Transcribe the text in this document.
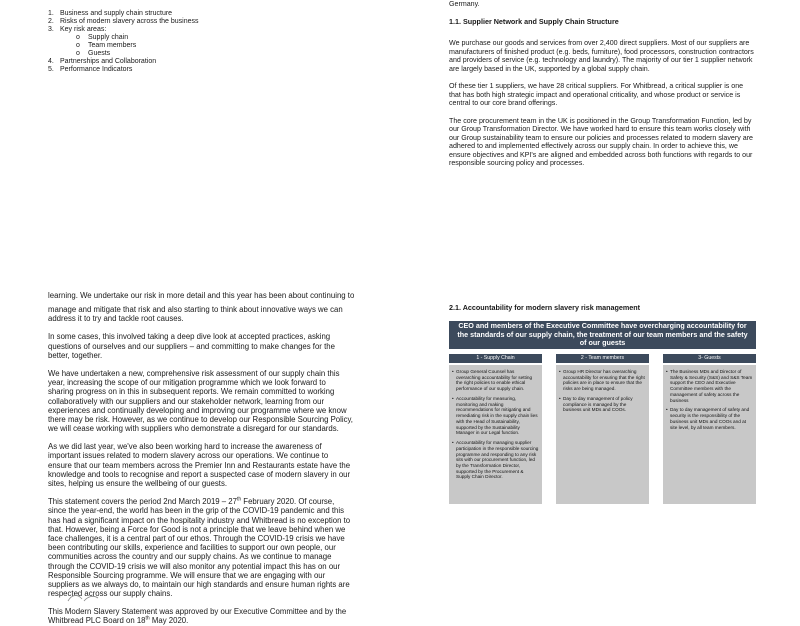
1. Business and supply chain structure
2. Risks of modern slavery across the business
3. Key risk areas:
o	Supply chain
o	Team members
o	Guests
4. Partnerships and Collaboration
5. Performance Indicators

Germany.

1.1. Supplier Network and Supply Chain Structure

We purchase our goods and services from over 2,400 direct suppliers. Most of our suppliers are manufacturers of finished product (e.g. beds, furniture), food processors, construction contractors and providers of service (e.g. technology and laundry). The majority of our tier 1 supplier network are largely based in the UK, supported by a global supply chain.

Of these tier 1 suppliers, we have 28 critical suppliers. For Whitbread, a critical supplier is one that has both high strategic impact and operational criticality, and whose product or service is central to our core brand offerings.

The core procurement team in the UK is positioned in the Group Transformation Function, led by our Group Transformation Director. We have worked hard to ensure this team works closely with our Group sustainability team to ensure our policies and processes related to modern slavery are adhered to and implemented effectively across our supply chain. In order to achieve this, we ensure objectives and KPI's are aligned and embedded across both functions with regards to our responsible sourcing policy and processes.

learning. We undertake our risk in more detail and this year has been about continuing to

manage and mitigate that risk and also starting to think about innovative ways we can address it to try and tackle root causes.

In some cases, this involved taking a deep dive look at accepted practices, asking questions of ourselves and our suppliers – and committing to make changes for the better, together.

We have undertaken a new, comprehensive risk assessment of our supply chain this year, increasing the scope of our mitigation programme which we look forward to sharing progress on in this in subsequent reports. We remain committed to working collaboratively with our suppliers and our stakeholder network, learning from our experiences and continually developing and improving our programme where we know there may be risk. However, as we continue to develop our Responsible Sourcing Policy, we will cease working with suppliers who demonstrate a disregard for our standards.

As we did last year, we've also been working hard to increase the awareness of important issues related to modern slavery across our operations. We continue to ensure that our team members across the Premier Inn and Restaurants estate have the knowledge and tools to recognise and report a suspected case of modern slavery in our sites, helping us ensure the wellbeing of our guests.

This statement covers the period 2nd March 2019 – 27th February 2020. Of course, since the year-end, the world has been in the grip of the COVID-19 pandemic and this has had a significant impact on the hospitality industry and Whitbread is no exception to that. However, being a Force for Good is not a principle that we leave behind when we face challenges, it is a central part of our ethos. Through the COVID-19 crisis we have been contributing our skills, experience and facilities to support our own people, our communities across the country and our supply chains. As we continue to manage through the COVID-19 crisis we will also monitor any potential impact this has on our Responsible Sourcing programme. We will ensure that we are engaging with our suppliers as we always do, to maintain our high standards and ensure human rights are respected across our supply chains.

This Modern Slavery Statement was approved by our Executive Committee and by the Whitbread PLC Board on 18th May 2020.

2.1. Accountability for modern slavery risk management

CEO and members of the Executive Committee have overcharging accountability for the standards of our supply chain, the treatment of our team members and the safety of our guests
1 - Supply Chain
• Group General Counsel has overarching accountability for setting the right policies to enable ethical performance of our supply chain.
• Accountability for measuring, monitoring and making recommendations for mitigating and remediating risk in the supply chain lies with the Head of Sustainability, supported by the Sustainability Manager in our Legal function.
• Accountability for managing supplier participation in the responsible sourcing programme and responding to any risk sits with our procurement function, led by the Transformation Director, supported by the Procurement & Supply Chain Director.
2 - Team members
• Group HR Director has overarching accountability for ensuring that the right policies are in place to ensure that the risks are being managed.
• Day to day management of policy compliance is managed by the business unit MDs and COOs.
3- Guests
• The Business MDs and Director of Safety & Security (S&S) and S&S Team support the CEO and Executive Committee members with the management of safety across the business
• Day to day management of safety and security is the responsibility of the business unit MDs and COOs and at site level, by all team members.
